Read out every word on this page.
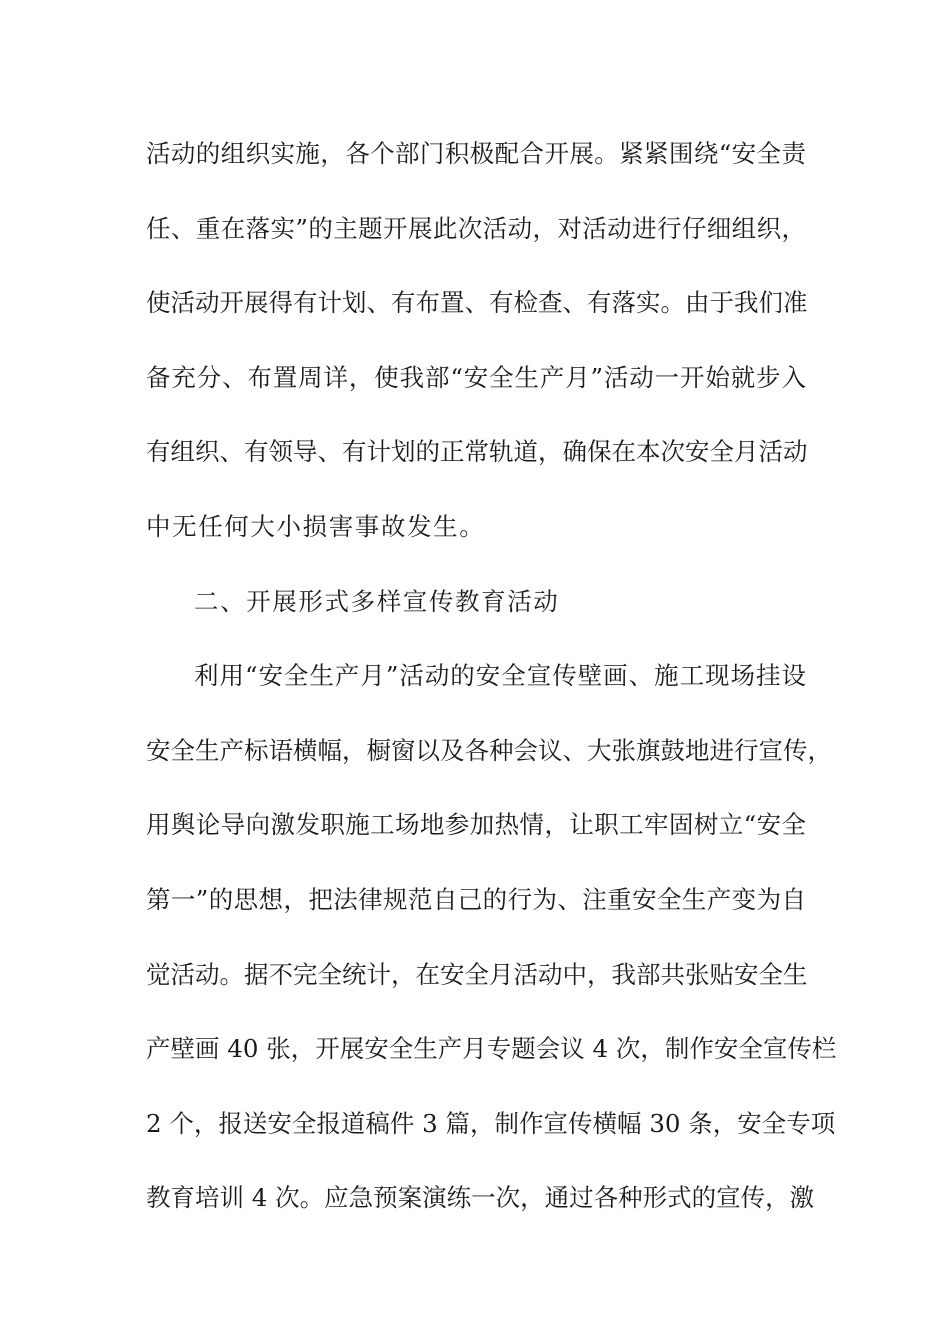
活动的组织实施，各个部门积极配合开展。紧紧围绕“安全责
任、重在落实”的主题开展此次活动，对活动进行仔细组织，
使活动开展得有计划、有布置、有检查、有落实。由于我们准
备充分、布置周详，使我部“安全生产月”活动一开始就步入
有组织、有领导、有计划的正常轨道，确保在本次安全月活动
中无任何大小损害事故发生。
二、开展形式多样宣传教育活动
利用“安全生产月”活动的安全宣传壁画、施工现场挂设
安全生产标语横幅，橱窗以及各种会议、大张旗鼓地进行宣传，
用舆论导向激发职施工场地参加热情，让职工牢固树立“安全
第一”的思想，把法律规范自己的行为、注重安全生产变为自
觉活动。据不完全统计，在安全月活动中，我部共张贴安全生
产壁画 40 张，开展安全生产月专题会议 4 次，制作安全宣传栏
2 个，报送安全报道稿件 3 篇，制作宣传横幅 30 条，安全专项
教育培训 4 次。应急预案演练一次，通过各种形式的宣传，激
